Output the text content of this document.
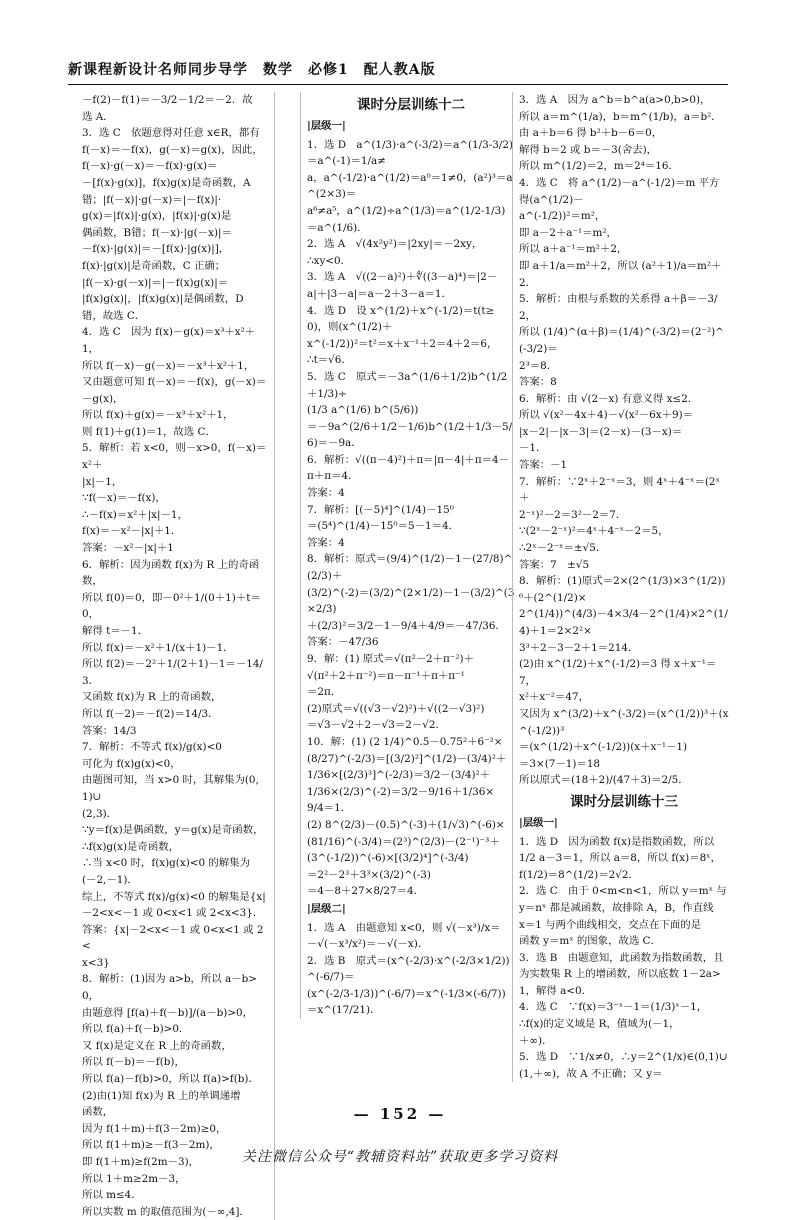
新课程新设计名师同步导学　数学　必修1　配人教A版
－f(2)－f(1)＝－3/2－1/2＝－2．故
选 A．
3．选 C　依题意得对任意 x∈R，都有
f(－x)＝－f(x)，g(－x)＝g(x)，因此，
f(－x)·g(－x)＝－f(x)·g(x)＝
－[f(x)·g(x)]，f(x)g(x)是奇函数，A
错；|f(－x)|·g(－x)＝|－f(x)|·
g(x)＝|f(x)|·g(x)，|f(x)|·g(x)是
偶函数，B错；f(－x)·|g(－x)|＝
－f(x)·|g(x)|＝－[f(x)·|g(x)|]，
f(x)·|g(x)|是奇函数，C 正确；
|f(－x)·g(－x)|＝|－f(x)g(x)|＝
|f(x)g(x)|，|f(x)g(x)|是偶函数，D
错，故选 C．
4．选 C　因为 f(x)－g(x)＝x³＋x²＋1，
所以 f(－x)－g(－x)＝－x³＋x²＋1，
又由题意可知 f(－x)＝－f(x)，g(－x)＝
－g(x)，
所以 f(x)＋g(x)＝－x³＋x²＋1，
则 f(1)＋g(1)＝1，故选 C．
5．解析：若 x<0，则－x>0，f(－x)＝x²＋
|x|－1，
∵f(－x)＝－f(x)，
∴－f(x)＝x²＋|x|－1，
f(x)＝－x²－|x|＋1．
答案：－x²－|x|＋1
6．解析：因为函数 f(x)为 R 上的奇函数，
所以 f(0)＝0，即－0²＋1/(0＋1)＋t＝0，
解得 t＝－1．
所以 f(x)＝－x²＋1/(x＋1)－1．
所以 f(2)＝－2²＋1/(2＋1)－1＝－14/3．
又函数 f(x)为 R 上的奇函数，
所以 f(－2)＝－f(2)＝14/3．
答案：14/3
7．解析：不等式 f(x)/g(x)<0
可化为 f(x)g(x)<0，
由题图可知，当 x>0 时，其解集为(0,1)∪
(2,3)．
∵y＝f(x)是偶函数，y＝g(x)是奇函数，
∴f(x)g(x)是奇函数，
∴当 x<0 时，f(x)g(x)<0 的解集为
(－2,－1)．
综上，不等式 f(x)/g(x)<0 的解集是{x|
－2<x<－1 或 0<x<1 或 2<x<3}．
答案：{x|－2<x<－1 或 0<x<1 或 2<
x<3}
8．解析：(1)因为 a>b，所以 a－b>0，
由题意得 [f(a)＋f(－b)]/(a－b)>0，
所以 f(a)＋f(－b)>0．
又 f(x)是定义在 R 上的奇函数，
所以 f(－b)＝－f(b)，
所以 f(a)－f(b)>0，所以 f(a)>f(b)．
(2)由(1)知 f(x)为 R 上的单调递增
函数，
因为 f(1＋m)＋f(3－2m)≥0，
所以 f(1＋m)≥－f(3－2m)，
即 f(1＋m)≥f(2m－3)，
所以 1＋m≥2m－3，
所以 m≤4．
所以实数 m 的取值范围为(－∞,4]．
课时分层训练十二
|层级一|
1．选 D　a^(1/3)·a^(-3/2)＝a^(1/3-3/2)＝a^(-1)＝1/a≠
a，a^(-1/2)·a^(1/2)＝a⁰＝1≠0，(a²)³＝a^(2×3)＝
a⁶≠a⁵，a^(1/2)÷a^(1/3)＝a^(1/2-1/3)＝a^(1/6)．
2．选 A　√(4x²y²)＝|2xy|＝－2xy，
∴xy<0．
3．选 A　√((2－a)²)＋∜((3－a)⁴)＝|2－
a|＋|3－a|＝a－2＋3－a＝1．
4．选 D　设 x^(1/2)＋x^(-1/2)＝t(t≥0)，则(x^(1/2)＋
x^(-1/2))²＝t²＝x＋x⁻¹＋2＝4＋2＝6，
∴t＝√6．
5．选 C　原式＝－3a^(1/6＋1/2)b^(1/2＋1/3)÷
(1/3 a^(1/6) b^(5/6))
＝－9a^(2/6＋1/2－1/6)b^(1/2＋1/3－5/6)＝－9a．
6．解析：√((π－4)²)＋π＝|π－4|＋π＝4－
π＋π＝4．
答案：4
7．解析：[(－5)⁴]^(1/4)－15⁰
＝(5⁴)^(1/4)－15⁰＝5－1＝4．
答案：4
8．解析：原式＝(9/4)^(1/2)－1－(27/8)^(2/3)＋
(3/2)^(-2)＝(3/2)^(2×1/2)－1－(3/2)^(3×2/3)
＋(2/3)²＝3/2－1－9/4＋4/9＝－47/36．
答案：－47/36
9．解：(1) 原式＝√(π²－2＋π⁻²)＋
√(π²＋2＋π⁻²)＝π－π⁻¹＋π＋π⁻¹
＝2π．
(2)原式＝√((√3－√2)²)＋√((2－√3)²)
＝√3－√2＋2－√3＝2－√2．
10．解：(1) (2 1/4)^0.5－0.75²＋6⁻²×
(8/27)^(-2/3)＝[(3/2)²]^(1/2)－(3/4)²＋
1/36×[(2/3)³]^(-2/3)＝3/2－(3/4)²＋
1/36×(2/3)^(-2)＝3/2－9/16＋1/36×
9/4＝1．
(2) 8^(2/3)－(0.5)^(-3)＋(1/√3)^(-6)×
(81/16)^(-3/4)＝(2³)^(2/3)－(2⁻¹)⁻³＋
(3^(-1/2))^(-6)×[(3/2)⁴]^(-3/4)
＝2²－2³＋3³×(3/2)^(-3)
＝4－8＋27×8/27＝4．
|层级二|
1．选 A　由题意知 x<0，则 √(－x³)/x＝
－√(－x³/x²)＝－√(－x)．
2．选 B　原式＝(x^(-2/3)·x^(-2/3×1/2))^(-6/7)＝
(x^(-2/3-1/3))^(-6/7)＝x^(-1/3×(-6/7))＝x^(17/21)．
3．选 A　因为 a^b＝b^a(a>0,b>0)，
所以 a＝m^(1/a)，b＝m^(1/b)，a＝b²．
由 a＋b＝6 得 b²＋b－6＝0，
解得 b＝2 或 b＝－3(舍去)，
所以 m^(1/2)＝2，m＝2⁴＝16．
4．选 C　将 a^(1/2)－a^(-1/2)＝m 平方得(a^(1/2)－
a^(-1/2))²＝m²，
即 a－2＋a⁻¹＝m²，
所以 a＋a⁻¹＝m²＋2，
即 a＋1/a＝m²＋2，所以 (a²＋1)/a＝m²＋2．
5．解析：由根与系数的关系得 a＋β＝－3/2，
所以 (1/4)^(α＋β)＝(1/4)^(-3/2)＝(2⁻²)^(-3/2)＝
2³＝8．
答案：8
6．解析：由 √(2－x) 有意义得 x≤2．
所以 √(x²－4x＋4)－√(x²－6x＋9)＝
|x－2|－|x－3|＝(2－x)－(3－x)＝
－1．
答案：－1
7．解析：∵2ˣ＋2⁻ˣ＝3，则 4ˣ＋4⁻ˣ＝(2ˣ＋
2⁻ˣ)²－2＝3²－2＝7．
∵(2ˣ－2⁻ˣ)²＝4ˣ＋4⁻ˣ－2＝5，
∴2ˣ－2⁻ˣ＝±√5．
答案：7　±√5
8．解析：(1)原式＝2×(2^(1/3)×3^(1/2))⁶＋(2^(1/2)×
2^(1/4))^(4/3)－4×3/4－2^(1/4)×2^(1/4)＋1＝2×2²×
3³＋2－3－2＋1＝214．
(2)由 x^(1/2)＋x^(-1/2)＝3 得 x＋x⁻¹＝7，
x²＋x⁻²＝47，
又因为 x^(3/2)＋x^(-3/2)＝(x^(1/2))³＋(x^(-1/2))³
＝(x^(1/2)＋x^(-1/2))(x＋x⁻¹－1)
＝3×(7－1)＝18
所以原式＝(18＋2)/(47＋3)＝2/5．
课时分层训练十三
|层级一|
1．选 D　因为函数 f(x)是指数函数，所以
1/2 a－3＝1，所以 a＝8，所以 f(x)＝8ˣ，
f(1/2)＝8^(1/2)＝2√2．
2．选 C　由于 0<m<n<1，所以 y＝mˣ 与
y＝nˣ 都是减函数，故排除 A，B，作直线
x＝1 与两个曲线相交，交点在下面的是
函数 y＝mˣ 的图象，故选 C．
3．选 B　由题意知，此函数为指数函数，且
为实数集 R 上的增函数，所以底数 1－2a>
1，解得 a<0．
4．选 C　∵f(x)＝3⁻ˣ－1＝(1/3)ˣ－1，
∴f(x)的定义域是 R，值域为(－1，
＋∞)．
5．选 D　∵1/x≠0，∴y＝2^(1/x)∈(0,1)∪
(1,＋∞)，故 A 不正确；又 y＝
— 152 —
关注微信公众号“教辅资料站”获取更多学习资料
